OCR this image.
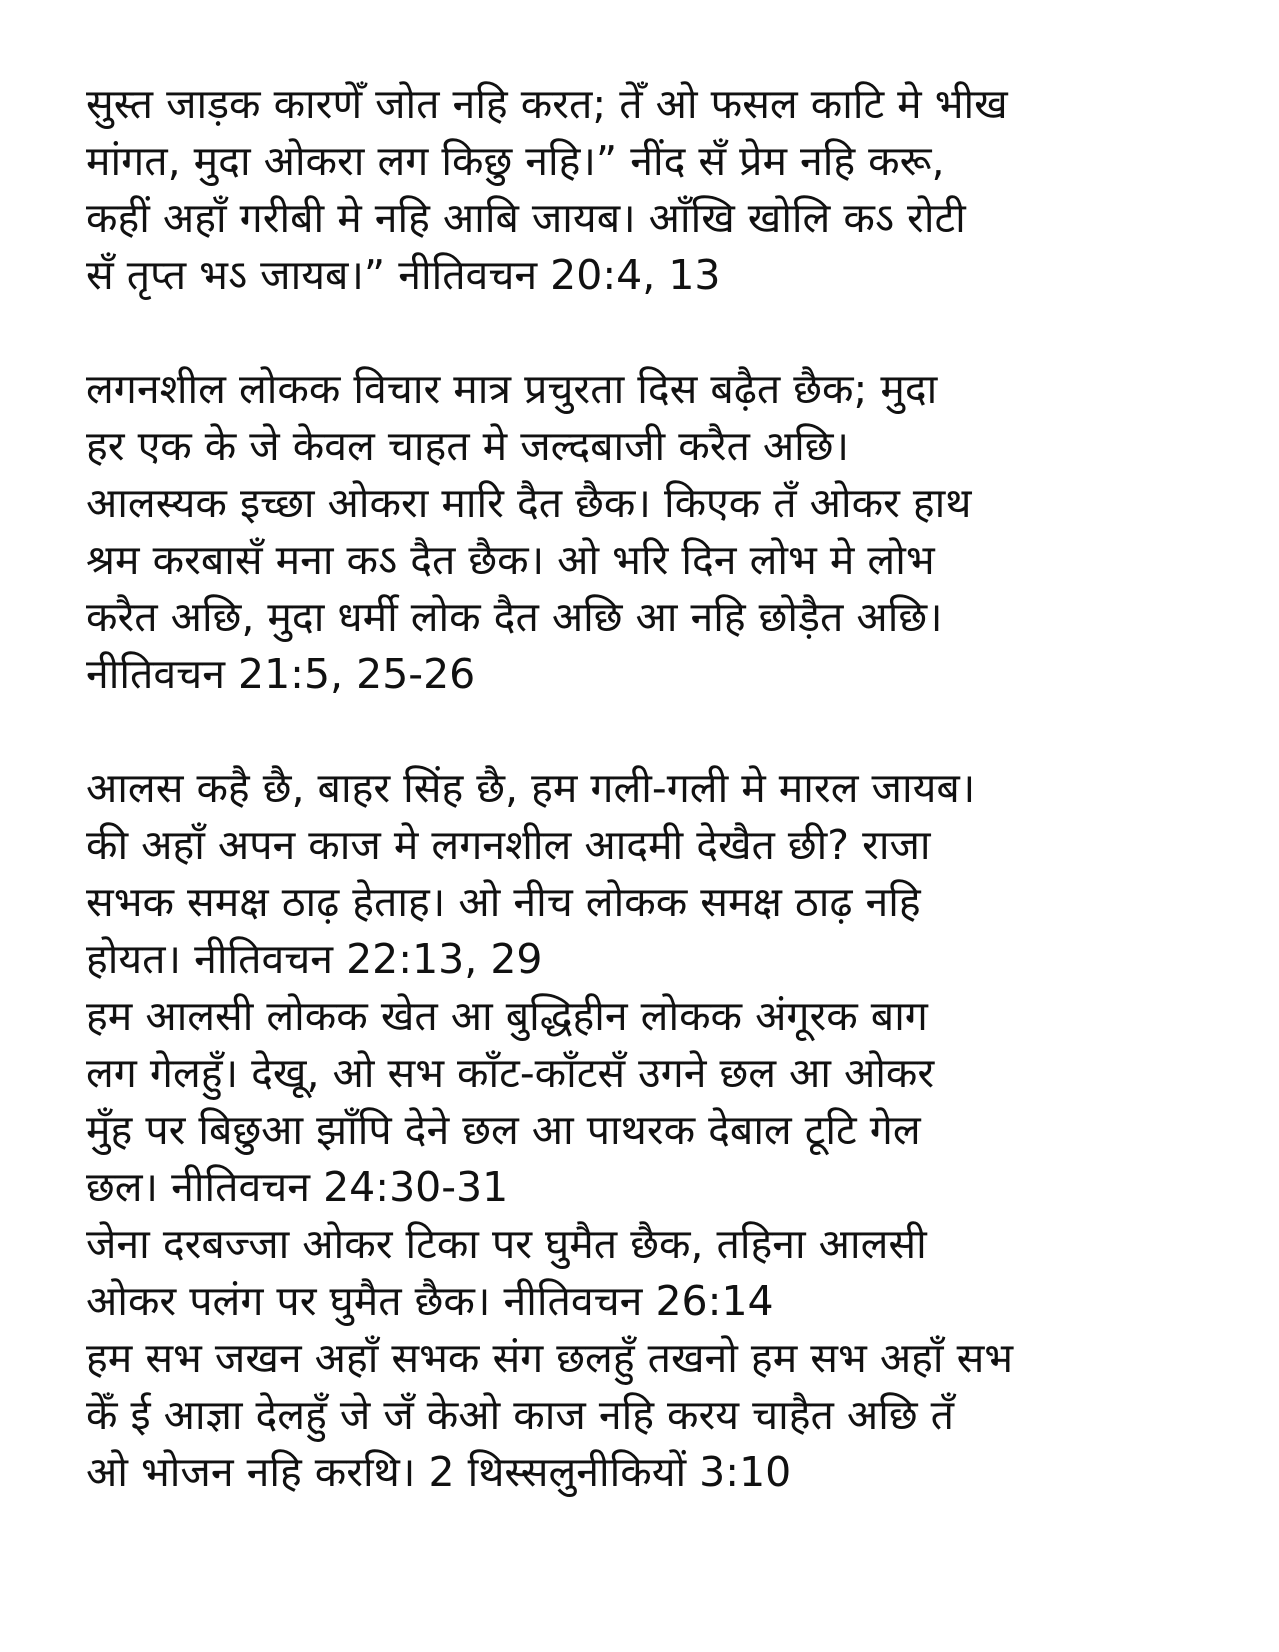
सुस्त जाड़क कारणेँ जोत नहि करत; तेँ ओ फसल काटि मे भीख
मांगत, मुदा ओकरा लग किछु नहि।” नींद सँ प्रेम नहि करू,
कहीं अहाँ गरीबी मे नहि आबि जायब। आँखि खोलि कऽ रोटी
सँ तृप्त भऽ जायब।” नीतिवचन 20:4, 13
लगनशील लोकक विचार मात्र प्रचुरता दिस बढ़ैत छैक; मुदा
हर एक के जे केवल चाहत मे जल्दबाजी करैत अछि।
आलस्यक इच्छा ओकरा मारि दैत छैक। किएक तँ ओकर हाथ
श्रम करबासँ मना कऽ दैत छैक। ओ भरि दिन लोभ मे लोभ
करैत अछि, मुदा धर्मी लोक दैत अछि आ नहि छोड़ैत अछि।
नीतिवचन 21:5, 25-26
आलस कहै छै, बाहर सिंह छै, हम गली-गली मे मारल जायब।
की अहाँ अपन काज मे लगनशील आदमी देखैत छी? राजा
सभक समक्ष ठाढ़ हेताह। ओ नीच लोकक समक्ष ठाढ़ नहि
होयत। नीतिवचन 22:13, 29
हम आलसी लोकक खेत आ बुद्धिहीन लोकक अंगूरक बाग
लग गेलहुँ। देखू, ओ सभ काँट-काँटसँ उगने छल आ ओकर
मुँह पर बिछुआ झाँपि देने छल आ पाथरक देबाल टूटि गेल
छल। नीतिवचन 24:30-31
जेना दरबज्जा ओकर टिका पर घुमैत छैक, तहिना आलसी
ओकर पलंग पर घुमैत छैक। नीतिवचन 26:14
हम सभ जखन अहाँ सभक संग छलहुँ तखनो हम सभ अहाँ सभ
केँ ई आज्ञा देलहुँ जे जँ केओ काज नहि करय चाहैत अछि तँ
ओ भोजन नहि करथि। 2 थिस्सलुनीकियों 3:10
